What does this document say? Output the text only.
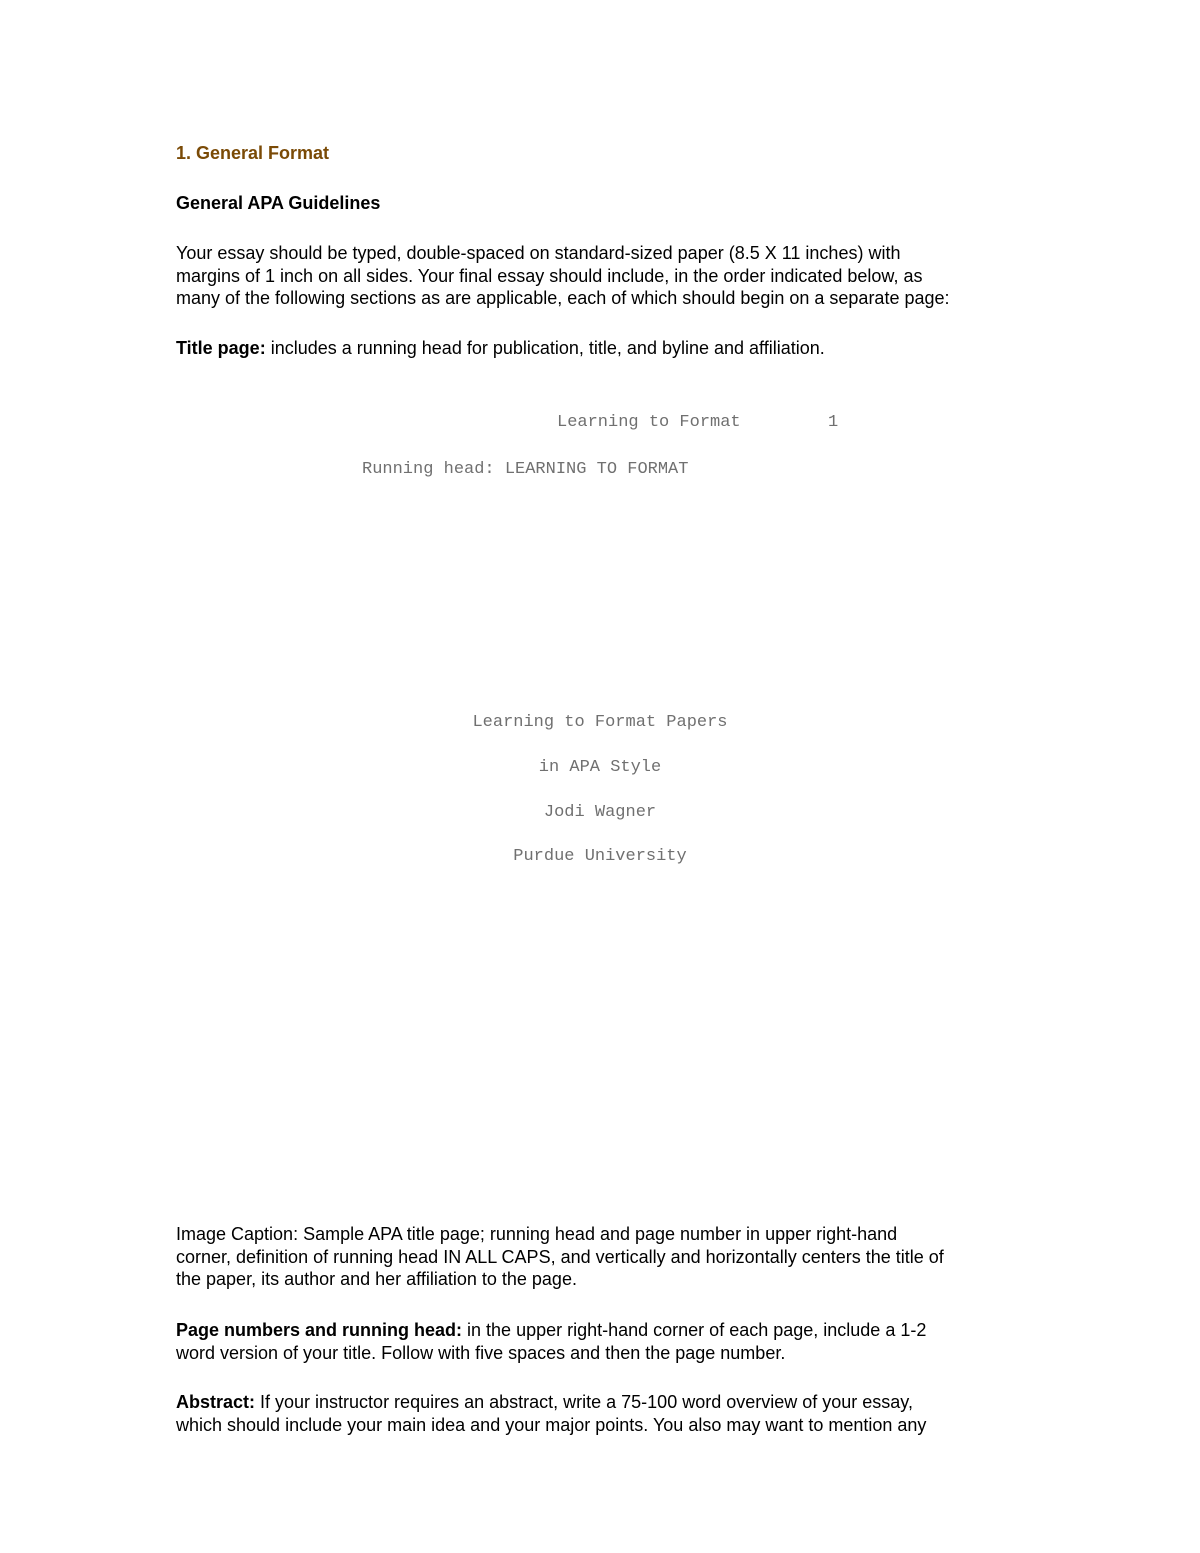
1. General Format
General APA Guidelines

Your essay should be typed, double-spaced on standard-sized paper (8.5 X 11 inches) with
margins of 1 inch on all sides. Your final essay should include, in the order indicated below, as
many of the following sections as are applicable, each of which should begin on a separate page:

Title page: includes a running head for publication, title, and byline and affiliation.

Learning to Format	1
Running head: LEARNING TO FORMAT
Learning to Format Papers
in APA Style
Jodi Wagner
Purdue University

Image Caption: Sample APA title page; running head and page number in upper right-hand
corner, definition of running head IN ALL CAPS, and vertically and horizontally centers the title of
the paper, its author and her affiliation to the page.

Page numbers and running head: in the upper right-hand corner of each page, include a 1-2
word version of your title. Follow with five spaces and then the page number.

Abstract: If your instructor requires an abstract, write a 75-100 word overview of your essay,
which should include your main idea and your major points. You also may want to mention any
